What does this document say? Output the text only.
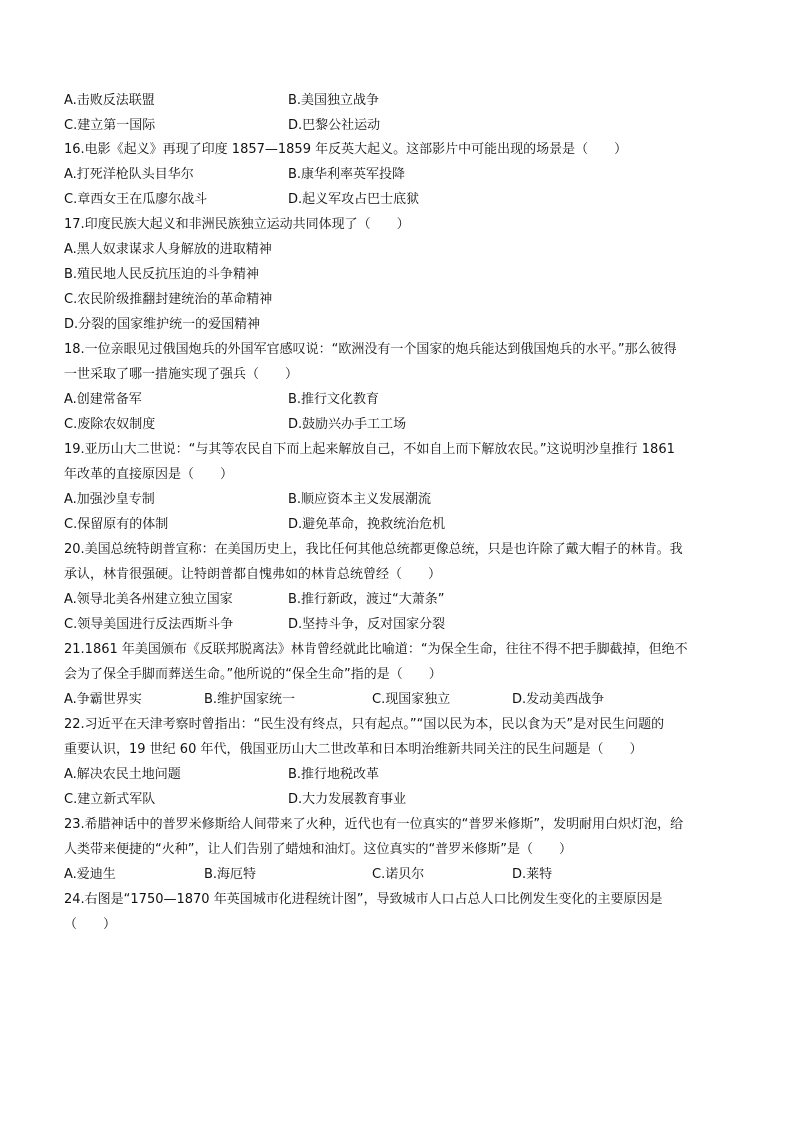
A.击败反法联盟	B.美国独立战争
C.建立第一国际	D.巴黎公社运动
16.电影《起义》再现了印度 1857—1859 年反英大起义。这部影片中可能出现的场景是（　　）
A.打死洋枪队头目华尔	B.康华利率英军投降
C.章西女王在瓜廖尔战斗	D.起义军攻占巴士底狱
17.印度民族大起义和非洲民族独立运动共同体现了（　　）
A.黑人奴隶谋求人身解放的进取精神
B.殖民地人民反抗压迫的斗争精神
C.农民阶级推翻封建统治的革命精神
D.分裂的国家维护统一的爱国精神
18.一位亲眼见过俄国炮兵的外国军官感叹说：“欧洲没有一个国家的炮兵能达到俄国炮兵的水平。”那么彼得
一世采取了哪一措施实现了强兵（　　）
A.创建常备军	B.推行文化教育
C.废除农奴制度	D.鼓励兴办手工工场
19.亚历山大二世说：“与其等农民自下而上起来解放自己，不如自上而下解放农民。”这说明沙皇推行 1861
年改革的直接原因是（　　）
A.加强沙皇专制	B.顺应资本主义发展潮流
C.保留原有的体制	D.避免革命，挽救统治危机
20.美国总统特朗普宣称：在美国历史上，我比任何其他总统都更像总统，只是也许除了戴大帽子的林肯。我
承认，林肯很强硬。让特朗普都自愧弗如的林肯总统曾经（　　）
A.领导北美各州建立独立国家	B.推行新政，渡过“大萧条”
C.领导美国进行反法西斯斗争	D.坚持斗争，反对国家分裂
21.1861 年美国颁布《反联邦脱离法》林肯曾经就此比喻道：“为保全生命，往往不得不把手脚截掉，但绝不
会为了保全手脚而葬送生命。”他所说的“保全生命”指的是（　　）
A.争霸世界实	B.维护国家统一	C.现国家独立	D.发动美西战争
22.习近平在天津考察时曾指出：“民生没有终点，只有起点。”“国以民为本，民以食为天”是对民生问题的
重要认识，19 世纪 60 年代，俄国亚历山大二世改革和日本明治维新共同关注的民生问题是（　　）
A.解决农民土地问题	B.推行地税改革
C.建立新式军队	D.大力发展教育事业
23.希腊神话中的普罗米修斯给人间带来了火种，近代也有一位真实的“普罗米修斯”，发明耐用白炽灯泡，给
人类带来便捷的“火种”，让人们告别了蜡烛和油灯。这位真实的“普罗米修斯”是（　　）
A.爱迪生	B.海厄特	C.诺贝尔	D.莱特
24.右图是“1750—1870 年英国城市化进程统计图”，导致城市人口占总人口比例发生变化的主要原因是
（　　）
